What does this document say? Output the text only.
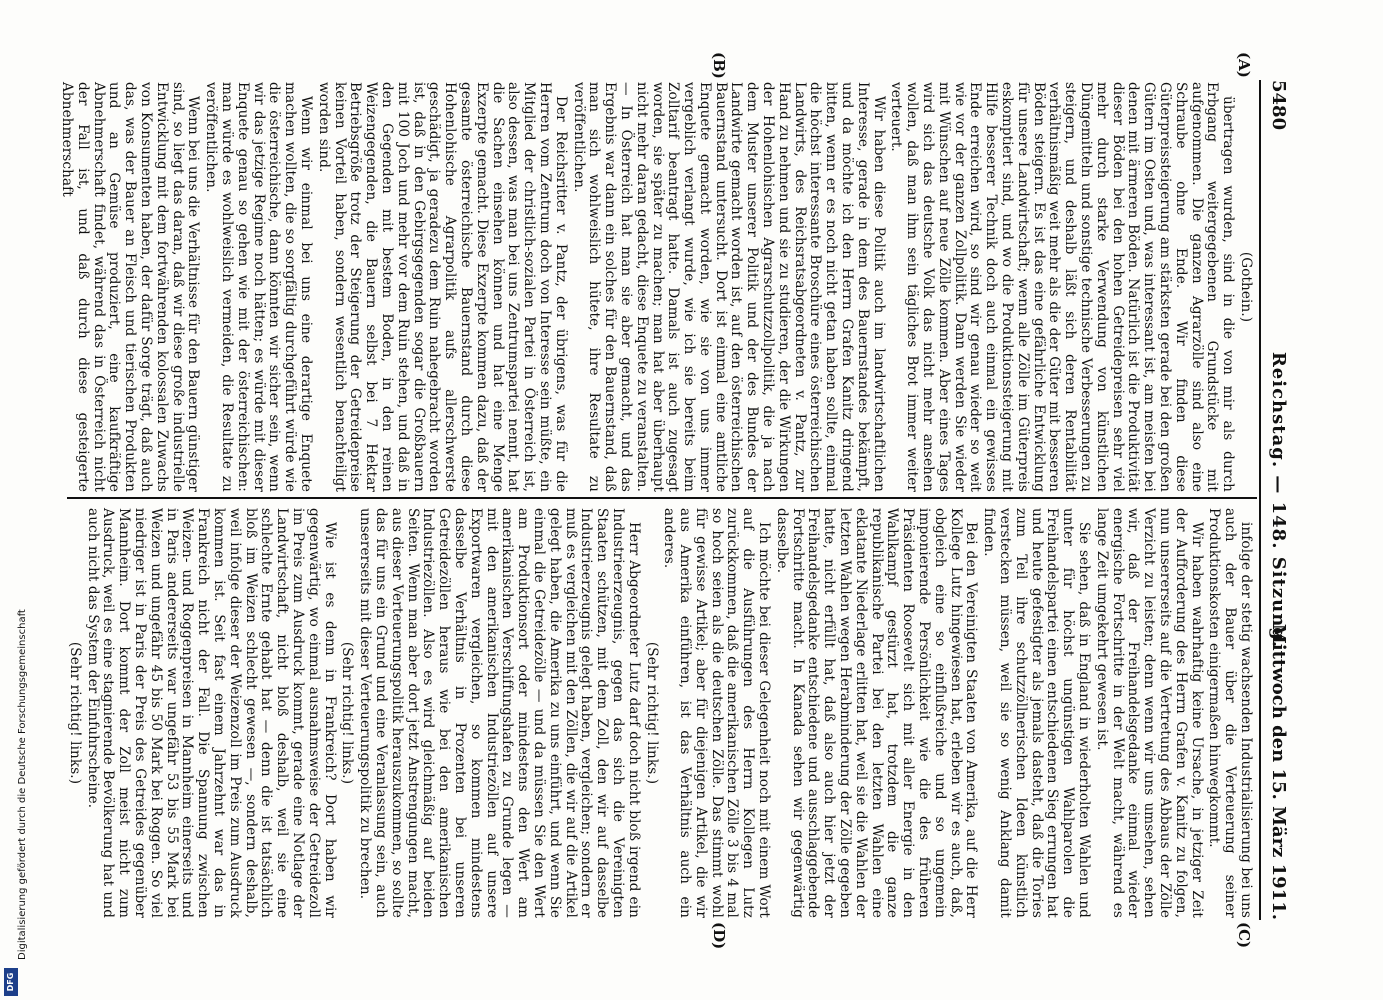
5480
Reichstag. — 148. Sitzung.
Mittwoch den 15. März 1911.
(A)
(B)
(C)
(D)

(Gothein.)

übertragen wurden, sind in die von mir als durch Erbgang weitergegebenen Grundstücke mit aufgenommen. Die ganzen Agrarzölle sind also eine Schraube ohne Ende. Wir finden diese Güterpreissteigerung am stärksten gerade bei den großen Gütern im Osten und, was interessant ist, am meisten bei denen mit ärmeren Böden. Natürlich ist die Produktivität dieser Böden bei den hohen Getreidepreisen sehr viel mehr durch starke Verwendung von künstlichen Düngemitteln und sonstige technische Verbesserungen zu steigern, und deshalb läßt sich deren Rentabilität verhältnismäßig weit mehr als die der Güter mit besseren Böden steigern. Es ist das eine gefährliche Entwicklung für unsere Landwirtschaft; wenn alle Zölle im Güterpreis eskomptiert sind, und wo die Produktionssteigerung mit Hilfe besserer Technik doch auch einmal ein gewisses Ende erreichen wird, so sind wir genau wieder so weit wie vor der ganzen Zollpolitik. Dann werden Sie wieder mit Wünschen auf neue Zölle kommen. Aber eines Tages wird sich das deutsche Volk das nicht mehr ansehen wollen, daß man ihm sein tägliches Brot immer weiter verteuert.

Wir haben diese Politik auch im landwirtschaftlichen Interesse, gerade in dem des Bauernstandes bekämpft, und da möchte ich den Herrn Grafen Kanitz dringend bitten, wenn er es noch nicht getan haben sollte, einmal die höchst interessante Broschüre eines österreichischen Landwirts, des Reichsratsabgeordneten v. Pantz, zur Hand zu nehmen und sie zu studieren, der die Wirkungen der Hohenlohischen Agrarschutzzollpolitik, die ja nach dem Muster unserer Politik und der des Bundes der Landwirte gemacht worden ist, auf den österreichischen Bauernstand untersucht. Dort ist einmal eine amtliche Enquete gemacht worden, wie sie von uns immer vergeblich verlangt wurde, wie ich sie bereits beim Zolltarif beantragt hatte. Damals ist auch zugesagt worden, sie später zu machen; man hat aber überhaupt nicht mehr daran gedacht, diese Enquete zu veranstalten. — In Österreich hat man sie aber gemacht, und das Ergebnis war dann ein solches für den Bauernstand, daß man sich wohlweislich hütete, ihre Resultate zu veröffentlichen.

Der Reichsritter v. Pantz, der übrigens, was für die Herren vom Zentrum doch von Interesse sein müßte, ein Mitglied der christlich-sozialen Partei in Österreich ist, also dessen, was man bei uns Zentrumspartei nennt, hat die Sachen einsehen können und hat eine Menge Exzerpte gemacht. Diese Exzerpte kommen dazu, daß der gesamte österreichische Bauernstand durch diese Hohenlohische Agrarpolitik aufs allerschwerste geschädigt, ja geradezu dem Ruin nahegebracht worden ist, daß in den Gebirgsgegenden sogar die Großbauern mit 100 Joch und mehr vor dem Ruin stehen, und daß in den Gegenden mit bestem Boden, in den reinen Weizengegenden, die Bauern selbst bei 7 Hektar Betriebsgröße trotz der Steigerung der Getreidepreise keinen Vorteil haben, sondern wesentlich benachteiligt worden sind.

Wenn wir einmal bei uns eine derartige Enquete machen wollten, die so sorgfältig durchgeführt würde wie die österreichische, dann könnten wir sicher sein, wenn wir das jetzige Regime noch hätten; es würde mit dieser Enquete genau so gehen wie mit der österreichischen: man würde es wohlweislich vermeiden, die Resultate zu veröffentlichen.

Wenn bei uns die Verhältnisse für den Bauern günstiger sind, so liegt das daran, daß wir diese große industrielle Entwicklung mit dem fortwährenden kolossalen Zuwachs von Konsumenten haben, der dafür Sorge trägt, daß auch das, was der Bauer an Fleisch und tierischen Produkten und an Gemüse produziert, eine kaufkräftige Abnehmerschaft findet, während das in Österreich nicht der Fall ist, und daß durch diese gesteigerte Abnehmerschaft

infolge der stetig wachsenden Industrialisierung bei uns auch der Bauer über die Verteuerung seiner Produktionskosten einigermaßen hinwegkommt.

Wir haben wahrhaftig keine Ursache, in jetziger Zeit der Aufforderung des Herrn Grafen v. Kanitz zu folgen, nun unsererseits auf die Vertretung des Abbaus der Zölle Verzicht zu leisten; denn wenn wir uns umsehen, sehen wir, daß der Freihandelsgedanke einmal wieder energische Fortschritte in der Welt macht, während es lange Zeit umgekehrt gewesen ist.

Sie sehen, daß in England in wiederholten Wahlen und unter für höchst ungünstigen Wahlparolen die Freihandelspartei einen entschiedenen Sieg errungen hat und heute gefestigter als jemals dasteht, daß die Tories zum Teil ihre schutzzöllnerischen Ideen künstlich verstecken müssen, weil sie so wenig Anklang damit finden.

Bei den Vereinigten Staaten von Amerika, auf die Herr Kollege Lutz hingewiesen hat, erleben wir es auch, daß, obgleich eine so einflußreiche und so ungemein imponierende Persönlichkeit wie die des früheren Präsidenten Roosevelt sich mit aller Energie in den Wahlkampf gestürzt hat, trotzdem die ganze republikanische Partei bei den letzten Wahlen eine eklatante Niederlage erlitten hat, weil sie die Wahlen der letzten Wahlen wegen Herabminderung der Zölle gegeben hatte, nicht erfüllt hat, daß also auch hier jetzt der Freihandelsgedanke entschiedene und ausschlaggebende Fortschritte macht. In Kanada sehen wir gegenwärtig dasselbe.

Ich möchte bei dieser Gelegenheit noch mit einem Wort auf die Ausführungen des Herrn Kollegen Lutz zurückkommen, daß die amerikanischen Zölle 3 bis 4 mal so hoch seien als die deutschen Zölle. Das stimmt wohl für gewisse Artikel; aber für diejenigen Artikel, die wir aus Amerika einführen, ist das Verhältnis auch ein anderes.

(Sehr richtig! links.)

Herr Abgeordneter Lutz darf doch nicht bloß irgend ein Industrieerzeugnis, gegen das sich die Vereinigten Staaten schützen, mit dem Zoll, den wir auf dasselbe Industrieerzeugnis gelegt haben, vergleichen; sondern er muß es vergleichen mit den Zöllen, die wir auf die Artikel gelegt haben, die Amerika zu uns einführt, und wenn Sie einmal die Getreidezölle — und da müssen Sie den Wert am Produktionsort oder mindestens den Wert am amerikanischen Verschiffungshafen zu Grunde legen — mit den amerikanischen Industriezöllen auf unsere Exportwaren vergleichen, so kommen mindestens dasselbe Verhältnis in Prozenten bei unseren Getreidezöllen heraus wie bei den amerikanischen Industriezöllen. Also es wird gleichmäßig auf beiden Seiten. Wenn man aber dort jetzt Anstrengungen macht, aus dieser Verteuerungspolitik herauszukommen, so sollte das für uns ein Grund und eine Veranlassung sein, auch unsererseits mit dieser Verteuerungspolitik zu brechen.

(Sehr richtig! links.)

Wie ist es denn in Frankreich? Dort haben wir gegenwärtig, wo einmal ausnahmsweise der Getreidezoll im Preis zum Ausdruck kommt, gerade eine Notlage der Landwirtschaft, nicht bloß deshalb, weil sie eine schlechte Ernte gehabt hat — denn die ist tatsächlich bloß im Weizen schlecht gewesen —, sondern deshalb, weil infolge dieser der Weizenzoll im Preis zum Ausdruck kommen ist. Seit fast einem Jahrzehnt war das in Frankreich nicht der Fall. Die Spannung zwischen Weizen- und Roggenpreisen in Mannheim einerseits und in Paris andererseits war ungefähr 53 bis 55 Mark bei Weizen und ungefähr 45 bis 50 Mark bei Roggen. So viel niedriger ist in Paris der Preis des Getreides gegenüber Mannheim. Dort kommt der Zoll meist nicht zum Ausdruck, weil es eine stagnierende Bevölkerung hat und auch nicht das System der Einfuhrscheine.

(Sehr richtig! links.)

Digitalisierung gefördert durch die Deutsche Forschungsgemeinschaft
DFG
